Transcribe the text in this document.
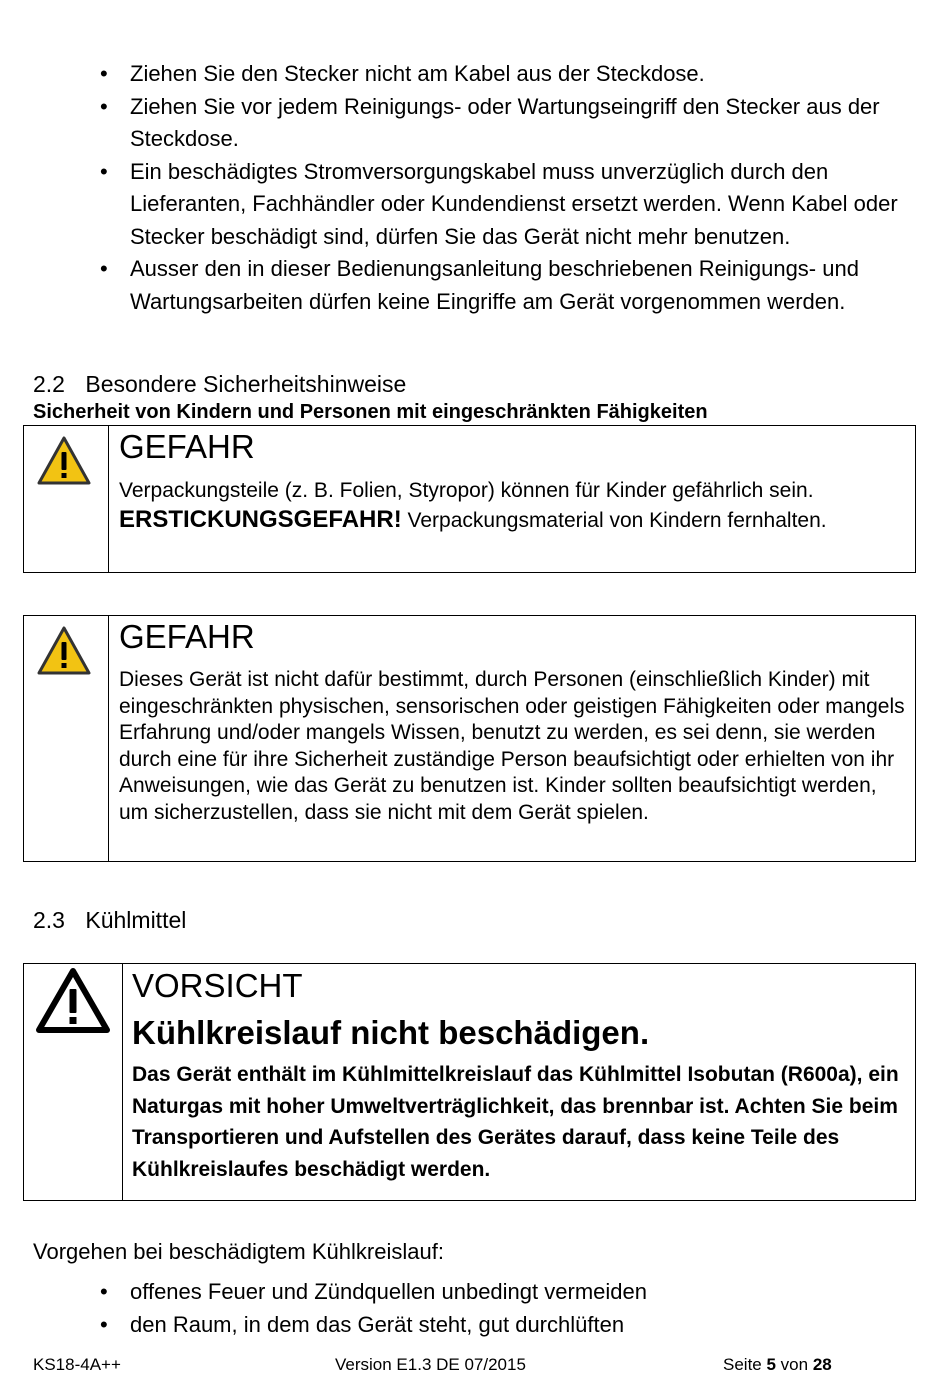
• Ziehen Sie den Stecker nicht am Kabel aus der Steckdose.
• Ziehen Sie vor jedem Reinigungs- oder Wartungseingriff den Stecker aus der Steckdose.
• Ein beschädigtes Stromversorgungskabel muss unverzüglich durch den Lieferanten, Fachhändler oder Kundendienst ersetzt werden. Wenn Kabel oder Stecker beschädigt sind, dürfen Sie das Gerät nicht mehr benutzen.
• Ausser den in dieser Bedienungsanleitung beschriebenen Reinigungs- und Wartungsarbeiten dürfen keine Eingriffe am Gerät vorgenommen werden.
2.2 Besondere Sicherheitshinweise
Sicherheit von Kindern und Personen mit eingeschränkten Fähigkeiten

GEFAHR

Verpackungsteile (z. B. Folien, Styropor) können für Kinder gefährlich sein.

ERSTICKUNGSGEFAHR! Verpackungsmaterial von Kindern fernhalten.

GEFAHR

Dieses Gerät ist nicht dafür bestimmt, durch Personen (einschließlich Kinder) mit eingeschränkten physischen, sensorischen oder geistigen Fähigkeiten oder mangels Erfahrung und/oder mangels Wissen, benutzt zu werden, es sei denn, sie werden durch eine für ihre Sicherheit zuständige Person beaufsichtigt oder erhielten von ihr Anweisungen, wie das Gerät zu benutzen ist. Kinder sollten beaufsichtigt werden, um sicherzustellen, dass sie nicht mit dem Gerät spielen.

2.3 Kühlmittel

VORSICHT

Kühlkreislauf nicht beschädigen.

Das Gerät enthält im Kühlmittelkreislauf das Kühlmittel Isobutan (R600a), ein Naturgas mit hoher Umweltverträglichkeit, das brennbar ist. Achten Sie beim Transportieren und Aufstellen des Gerätes darauf, dass keine Teile des Kühlkreislaufes beschädigt werden.

Vorgehen bei beschädigtem Kühlkreislauf:
• offenes Feuer und Zündquellen unbedingt vermeiden
• den Raum, in dem das Gerät steht, gut durchlüften
KS18-4A++	Version E1.3 DE 07/2015	Seite 5 von 28
